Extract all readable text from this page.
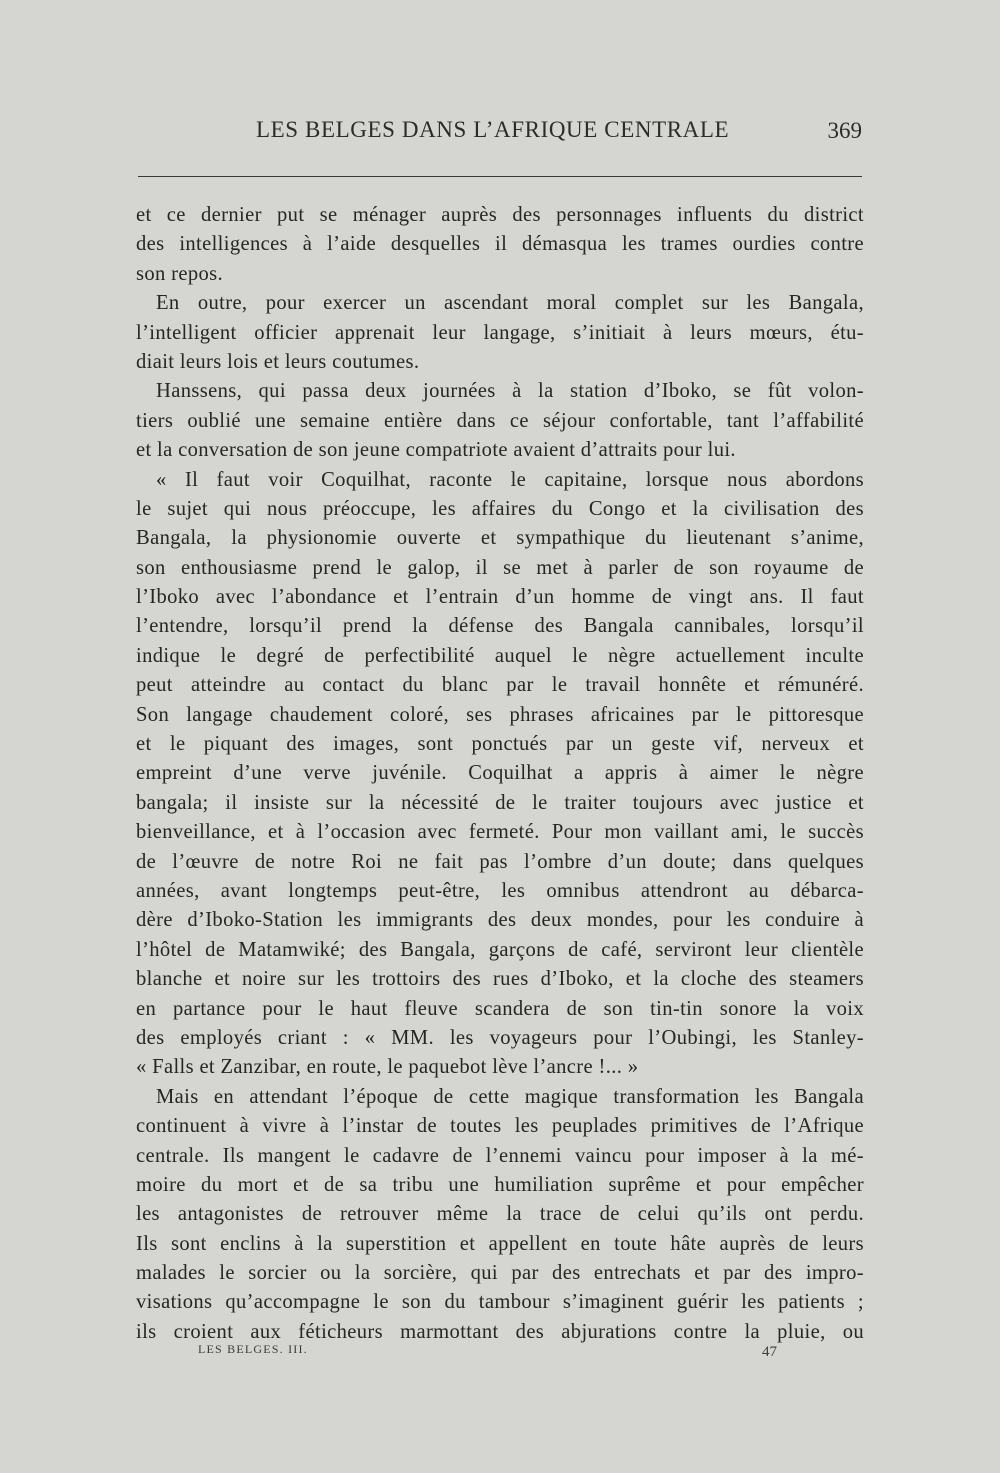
LES BELGES DANS L’AFRIQUE CENTRALE	369
et ce dernier put se ménager auprès des personnages influents du district
des intelligences à l’aide desquelles il démasqua les trames ourdies contre
son repos.
En outre, pour exercer un ascendant moral complet sur les Bangala,
l’intelligent officier apprenait leur langage, s’initiait à leurs mœurs, étu-
diait leurs lois et leurs coutumes.
Hanssens, qui passa deux journées à la station d’Iboko, se fût volon-
tiers oublié une semaine entière dans ce séjour confortable, tant l’affabilité
et la conversation de son jeune compatriote avaient d’attraits pour lui.
« Il faut voir Coquilhat, raconte le capitaine, lorsque nous abordons
le sujet qui nous préoccupe, les affaires du Congo et la civilisation des
Bangala, la physionomie ouverte et sympathique du lieutenant s’anime,
son enthousiasme prend le galop, il se met à parler de son royaume de
l’Iboko avec l’abondance et l’entrain d’un homme de vingt ans. Il faut
l’entendre, lorsqu’il prend la défense des Bangala cannibales, lorsqu’il
indique le degré de perfectibilité auquel le nègre actuellement inculte
peut atteindre au contact du blanc par le travail honnête et rémunéré.
Son langage chaudement coloré, ses phrases africaines par le pittoresque
et le piquant des images, sont ponctués par un geste vif, nerveux et
empreint d’une verve juvénile. Coquilhat a appris à aimer le nègre
bangala; il insiste sur la nécessité de le traiter toujours avec justice et
bienveillance, et à l’occasion avec fermeté. Pour mon vaillant ami, le succès
de l’œuvre de notre Roi ne fait pas l’ombre d’un doute; dans quelques
années, avant longtemps peut-être, les omnibus attendront au débarca-
dère d’Iboko-Station les immigrants des deux mondes, pour les conduire à
l’hôtel de Matamwiké; des Bangala, garçons de café, serviront leur clientèle
blanche et noire sur les trottoirs des rues d’Iboko, et la cloche des steamers
en partance pour le haut fleuve scandera de son tin-tin sonore la voix
des employés criant : « MM. les voyageurs pour l’Oubingi, les Stanley-
« Falls et Zanzibar, en route, le paquebot lève l’ancre !... »
Mais en attendant l’époque de cette magique transformation les Bangala
continuent à vivre à l’instar de toutes les peuplades primitives de l’Afrique
centrale. Ils mangent le cadavre de l’ennemi vaincu pour imposer à la mé-
moire du mort et de sa tribu une humiliation suprême et pour empêcher
les antagonistes de retrouver même la trace de celui qu’ils ont perdu.
Ils sont enclins à la superstition et appellent en toute hâte auprès de leurs
malades le sorcier ou la sorcière, qui par des entrechats et par des impro-
visations qu’accompagne le son du tambour s’imaginent guérir les patients ;
ils croient aux féticheurs marmottant des abjurations contre la pluie, ou
LES BELGES. III.	47
